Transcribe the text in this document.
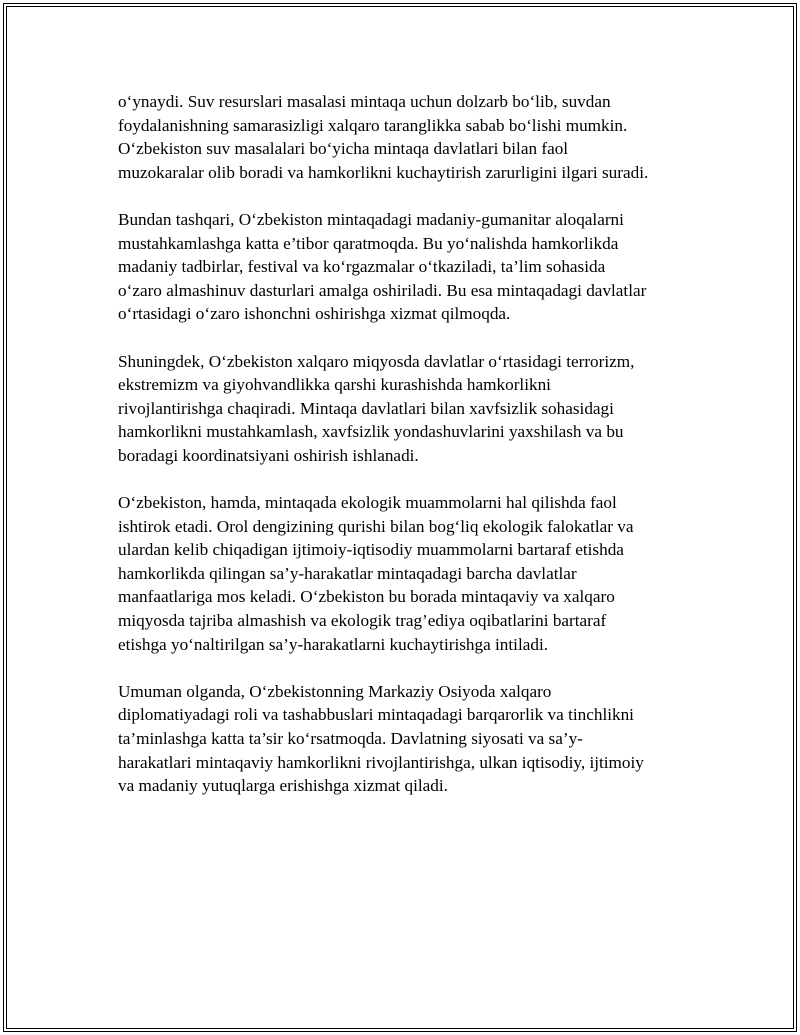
o‘ynaydi. Suv resurslari masalasi mintaqa uchun dolzarb bo‘lib, suvdan
foydalanishning samarasizligi xalqaro taranglikka sabab bo‘lishi mumkin.
O‘zbekiston suv masalalari bo‘yicha mintaqa davlatlari bilan faol
muzokaralar olib boradi va hamkorlikni kuchaytirish zarurligini ilgari suradi.

Bundan tashqari, O‘zbekiston mintaqadagi madaniy-gumanitar aloqalarni
mustahkamlashga katta e’tibor qaratmoqda. Bu yo‘nalishda hamkorlikda
madaniy tadbirlar, festival va ko‘rgazmalar o‘tkaziladi, ta’lim sohasida
o‘zaro almashinuv dasturlari amalga oshiriladi. Bu esa mintaqadagi davlatlar
o‘rtasidagi o‘zaro ishonchni oshirishga xizmat qilmoqda.

Shuningdek, O‘zbekiston xalqaro miqyosda davlatlar o‘rtasidagi terrorizm,
ekstremizm va giyohvandlikka qarshi kurashishda hamkorlikni
rivojlantirishga chaqiradi. Mintaqa davlatlari bilan xavfsizlik sohasidagi
hamkorlikni mustahkamlash, xavfsizlik yondashuvlarini yaxshilash va bu
boradagi koordinatsiyani oshirish ishlanadi.

O‘zbekiston, hamda, mintaqada ekologik muammolarni hal qilishda faol
ishtirok etadi. Orol dengizining qurishi bilan bog‘liq ekologik falokatlar va
ulardan kelib chiqadigan ijtimoiy-iqtisodiy muammolarni bartaraf etishda
hamkorlikda qilingan sa’y-harakatlar mintaqadagi barcha davlatlar
manfaatlariga mos keladi. O‘zbekiston bu borada mintaqaviy va xalqaro
miqyosda tajriba almashish va ekologik trag’ediya oqibatlarini bartaraf
etishga yo‘naltirilgan sa’y-harakatlarni kuchaytirishga intiladi.

Umuman olganda, O‘zbekistonning Markaziy Osiyoda xalqaro
diplomatiyadagi roli va tashabbuslari mintaqadagi barqarorlik va tinchlikni
ta’minlashga katta ta’sir ko‘rsatmoqda. Davlatning siyosati va sa’y-
harakatlari mintaqaviy hamkorlikni rivojlantirishga, ulkan iqtisodiy, ijtimoiy
va madaniy yutuqlarga erishishga xizmat qiladi.
